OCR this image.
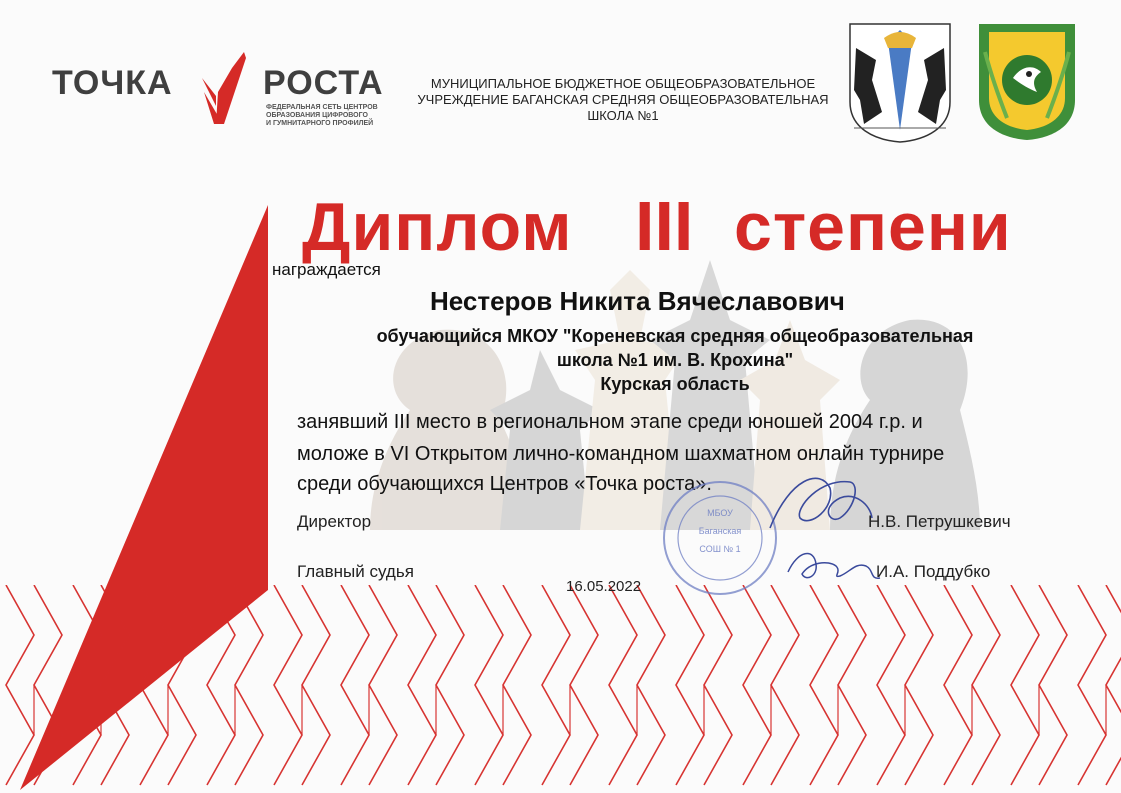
ТОЧКА	РОСТА
ФЕДЕРАЛЬНАЯ СЕТЬ ЦЕНТРОВ
ОБРАЗОВАНИЯ ЦИФРОВОГО
И ГУМНИТАРНОГО ПРОФИЛЕЙ
МУНИЦИПАЛЬНОЕ БЮДЖЕТНОЕ ОБЩЕОБРАЗОВАТЕЛЬНОЕ
УЧРЕЖДЕНИЕ БАГАНСКАЯ СРЕДНЯЯ ОБЩЕОБРАЗОВАТЕЛЬНАЯ
ШКОЛА №1
Диплом III степени
награждается
Нестеров Никита Вячеславович
обучающийся МКОУ "Кореневская средняя общеобразовательная
школа №1 им. В. Крохина"
Курская область
занявший III место в региональном этапе среди юношей 2004 г.р. и
моложе в VI Открытом лично-командном шахматном онлайн турнире
среди обучающихся Центров «Точка роста».
МБОУ
Баганская
СОШ № 1
Директор	Н.В. Петрушкевич
Главный судья	И.А. Поддубко
16.05.2022
